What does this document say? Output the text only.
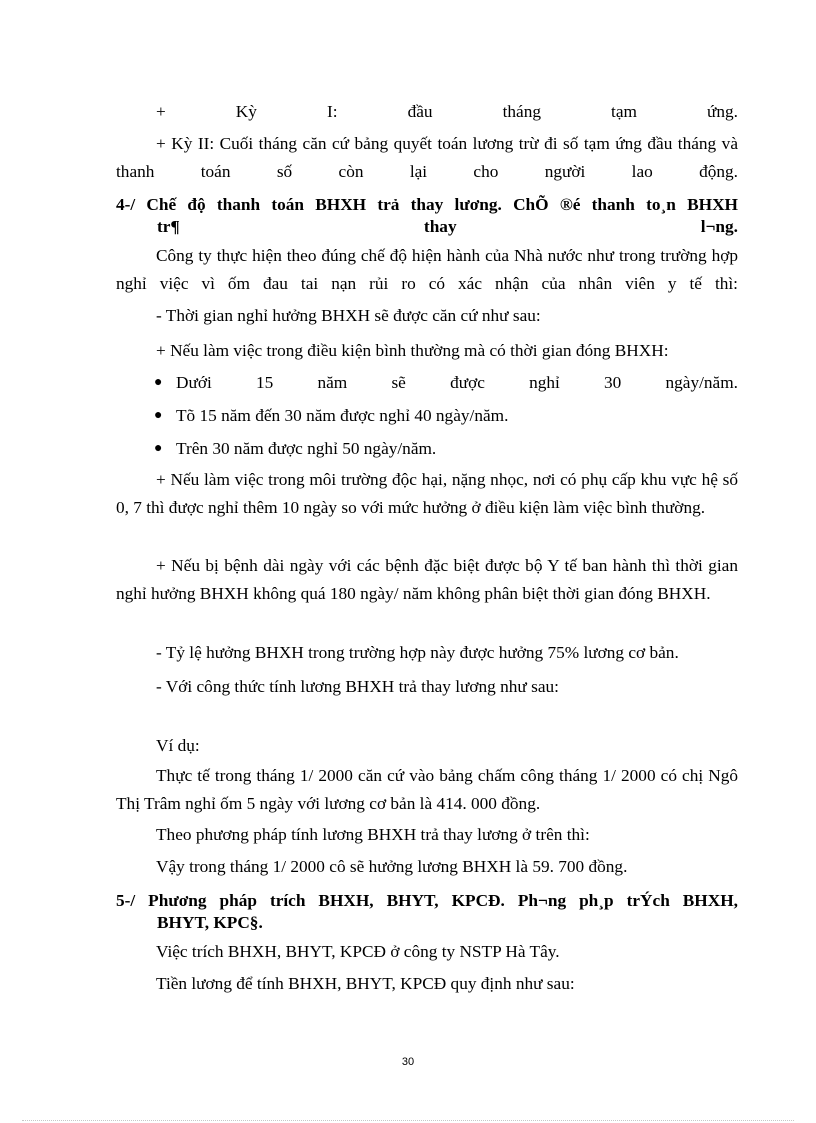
+ Kỳ I: đầu tháng tạm ứng.

+ Kỳ II: Cuối tháng căn cứ bảng quyết toán lương trừ đi số tạm ứng đầu tháng và thanh toán số còn lại cho người lao động.

4-/ Chế độ thanh toán BHXH trả thay lương. ChÕ ®é thanh to¸n BHXH

tr¶ thay l¬ng.

Công ty thực hiện theo đúng chế độ hiện hành của Nhà nước như trong trường hợp nghỉ việc vì ốm đau tai nạn rủi ro có xác nhận của nhân viên y tế thì:

- Thời gian nghỉ hưởng BHXH sẽ được căn cứ như sau:

+ Nếu làm việc trong điều kiện bình thường mà có thời gian đóng BHXH:

● Dưới 15 năm sẽ được nghỉ 30 ngày/năm.

● Tõ 15 năm đến 30 năm được nghỉ 40 ngày/năm.

● Trên 30 năm được nghỉ 50 ngày/năm.

+ Nếu làm việc trong môi trường độc hại, nặng nhọc, nơi có phụ cấp khu vực hệ số 0, 7 thì được nghỉ thêm 10 ngày so với mức hưởng ở điều kiện làm việc bình thường.

+ Nếu bị bệnh dài ngày với các bệnh đặc biệt được bộ Y tế ban hành thì thời gian nghỉ hưởng BHXH không quá 180 ngày/ năm không phân biệt thời gian đóng BHXH.

- Tỷ lệ hưởng BHXH trong trường hợp này được hưởng 75% lương cơ bản.

- Với công thức tính lương BHXH trả thay lương như sau:

Ví dụ:

Thực tế trong tháng 1/ 2000 căn cứ vào bảng chấm công tháng 1/ 2000 có chị Ngô Thị Trâm nghỉ ốm 5 ngày với lương cơ bản là 414. 000 đồng.

Theo phương pháp tính lương BHXH trả thay lương ở trên thì:

Vậy trong tháng 1/ 2000 cô sẽ hưởng lương BHXH là 59. 700 đồng.

5-/ Phương pháp trích BHXH, BHYT, KPCĐ. Ph¬ng ph¸p trÝch BHXH,

BHYT, KPC§.

Việc trích BHXH, BHYT, KPCĐ ở công ty NSTP Hà Tây.

Tiền lương để tính BHXH, BHYT, KPCĐ quy định như sau:

30
